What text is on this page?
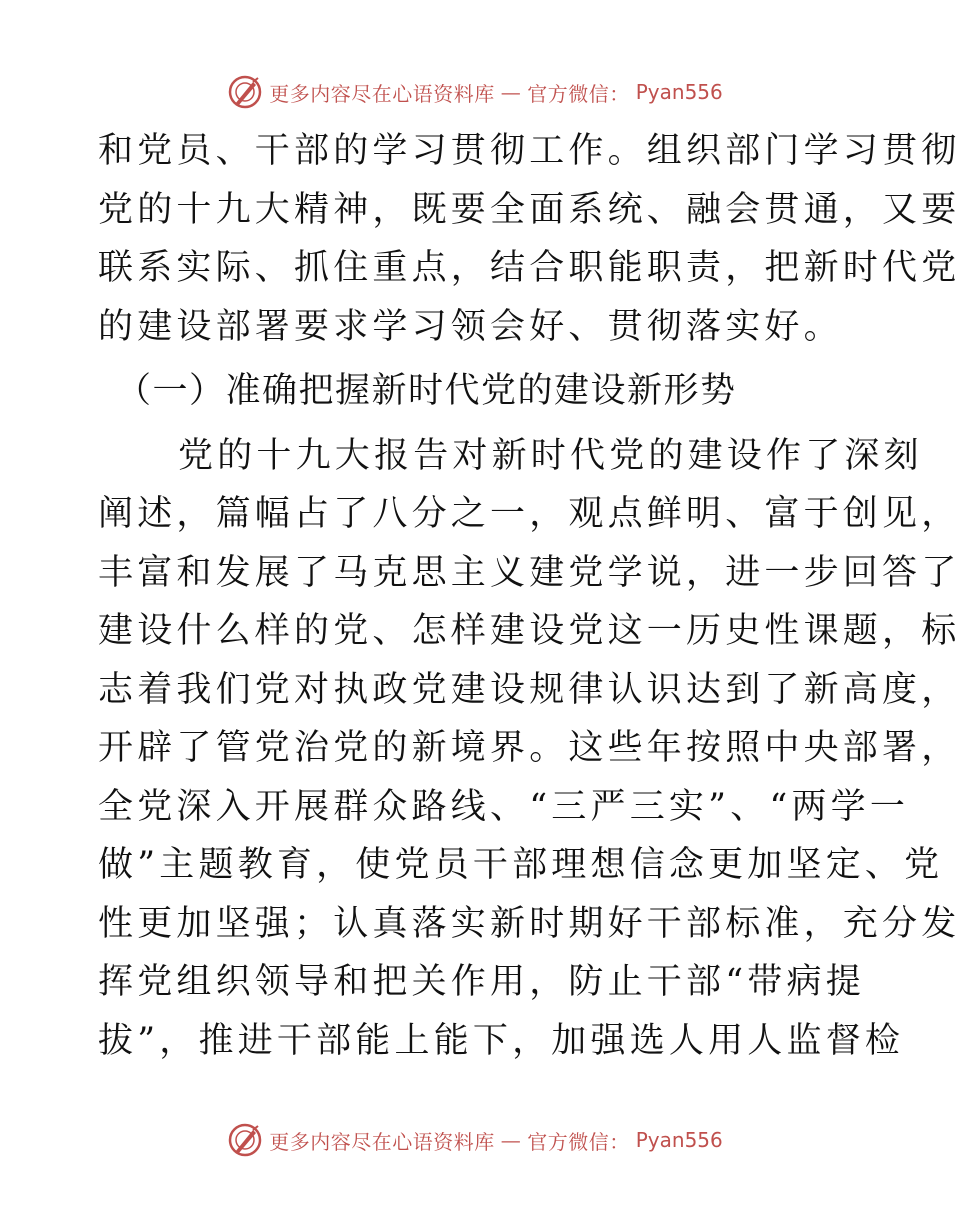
更多内容尽在心语资料库 — 官方微信： Pyan556
和党员、干部的学习贯彻工作。组织部门学习贯彻
党的十九大精神，既要全面系统、融会贯通，又要
联系实际、抓住重点，结合职能职责，把新时代党
的建设部署要求学习领会好、贯彻落实好。
（一）准确把握新时代党的建设新形势
党的十九大报告对新时代党的建设作了深刻
阐述，篇幅占了八分之一，观点鲜明、富于创见，
丰富和发展了马克思主义建党学说，进一步回答了
建设什么样的党、怎样建设党这一历史性课题，标
志着我们党对执政党建设规律认识达到了新高度，
开辟了管党治党的新境界。这些年按照中央部署，
全党深入开展群众路线、“三严三实”、“两学一
做”主题教育，使党员干部理想信念更加坚定、党
性更加坚强；认真落实新时期好干部标准，充分发
挥党组织领导和把关作用，防止干部“带病提
拔”，推进干部能上能下，加强选人用人监督检
更多内容尽在心语资料库 — 官方微信： Pyan556
